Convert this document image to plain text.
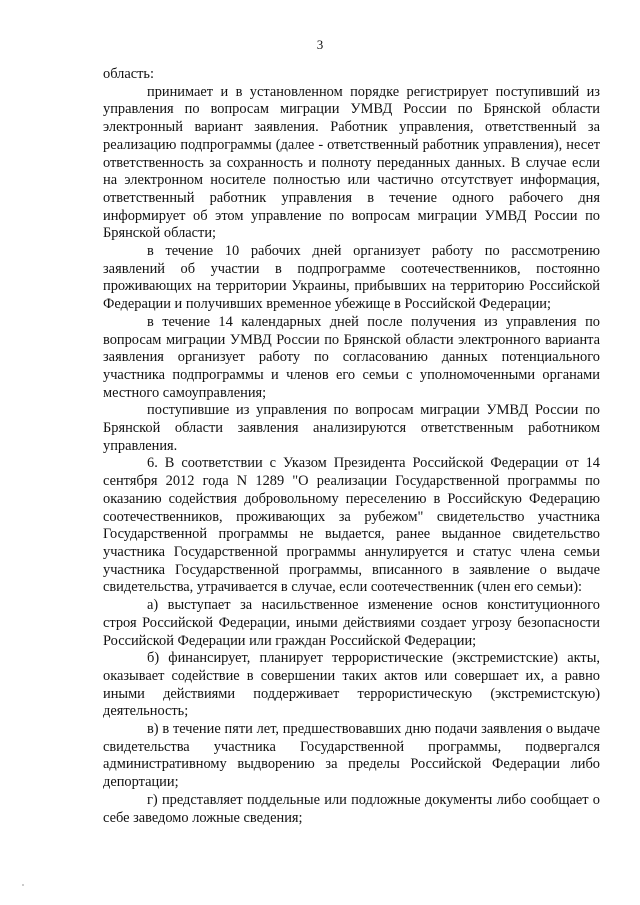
3

область:

принимает и в установленном порядке регистрирует поступивший из управления по вопросам миграции УМВД России по Брянской области электронный вариант заявления. Работник управления, ответственный за реализацию подпрограммы (далее - ответственный работник управления), несет ответственность за сохранность и полноту переданных данных. В случае если на электронном носителе полностью или частично отсутствует информация, ответственный работник управления в течение одного рабочего дня информирует об этом управление по вопросам миграции УМВД России по Брянской области;

в течение 10 рабочих дней организует работу по рассмотрению заявлений об участии в подпрограмме соотечественников, постоянно проживающих на территории Украины, прибывших на территорию Российской Федерации и получивших временное убежище в Российской Федерации;

в течение 14 календарных дней после получения из управления по вопросам миграции УМВД России по Брянской области электронного варианта заявления организует работу по согласованию данных потенциального участника подпрограммы и членов его семьи с уполномоченными органами местного самоуправления;

поступившие из управления по вопросам миграции УМВД России по Брянской области заявления анализируются ответственным работником управления.

6. В соответствии с Указом Президента Российской Федерации от 14 сентября 2012 года N 1289 "О реализации Государственной программы по оказанию содействия добровольному переселению в Российскую Федерацию соотечественников, проживающих за рубежом" свидетельство участника Государственной программы не выдается, ранее выданное свидетельство участника Государственной программы аннулируется и статус члена семьи участника Государственной программы, вписанного в заявление о выдаче свидетельства, утрачивается в случае, если соотечественник (член его семьи):

а) выступает за насильственное изменение основ конституционного строя Российской Федерации, иными действиями создает угрозу безопасности Российской Федерации или граждан Российской Федерации;

б) финансирует, планирует террористические (экстремистские) акты, оказывает содействие в совершении таких актов или совершает их, а равно иными действиями поддерживает террористическую (экстремистскую) деятельность;

в) в течение пяти лет, предшествовавших дню подачи заявления о выдаче свидетельства участника Государственной программы, подвергался административному выдворению за пределы Российской Федерации либо депортации;

г) представляет поддельные или подложные документы либо сообщает о себе заведомо ложные сведения;
